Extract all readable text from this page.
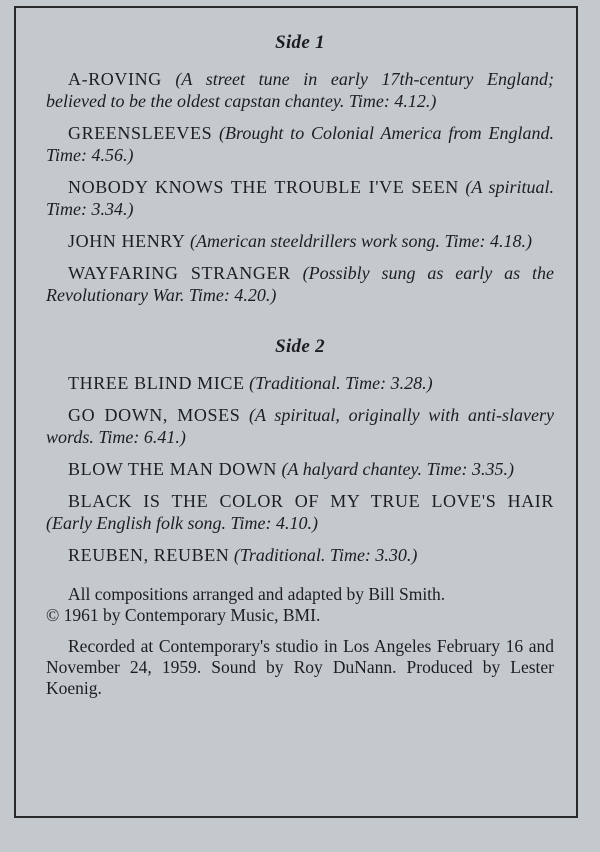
Side 1

A-ROVING (A street tune in early 17th-century England; believed to be the oldest capstan chantey. Time: 4.12.)

GREENSLEEVES (Brought to Colonial America from England. Time: 4.56.)

NOBODY KNOWS THE TROUBLE I'VE SEEN (A spiritual. Time: 3.34.)

JOHN HENRY (American steeldrillers work song. Time: 4.18.)

WAYFARING STRANGER (Possibly sung as early as the Revolutionary War. Time: 4.20.)

Side 2

THREE BLIND MICE (Traditional. Time: 3.28.)

GO DOWN, MOSES (A spiritual, originally with anti-slavery words. Time: 6.41.)

BLOW THE MAN DOWN (A halyard chantey. Time: 3.35.)

BLACK IS THE COLOR OF MY TRUE LOVE'S HAIR (Early English folk song. Time: 4.10.)

REUBEN, REUBEN (Traditional. Time: 3.30.)

All compositions arranged and adapted by Bill Smith.
© 1961 by Contemporary Music, BMI.

Recorded at Contemporary's studio in Los Angeles February 16 and November 24, 1959. Sound by Roy DuNann. Produced by Lester Koenig.
